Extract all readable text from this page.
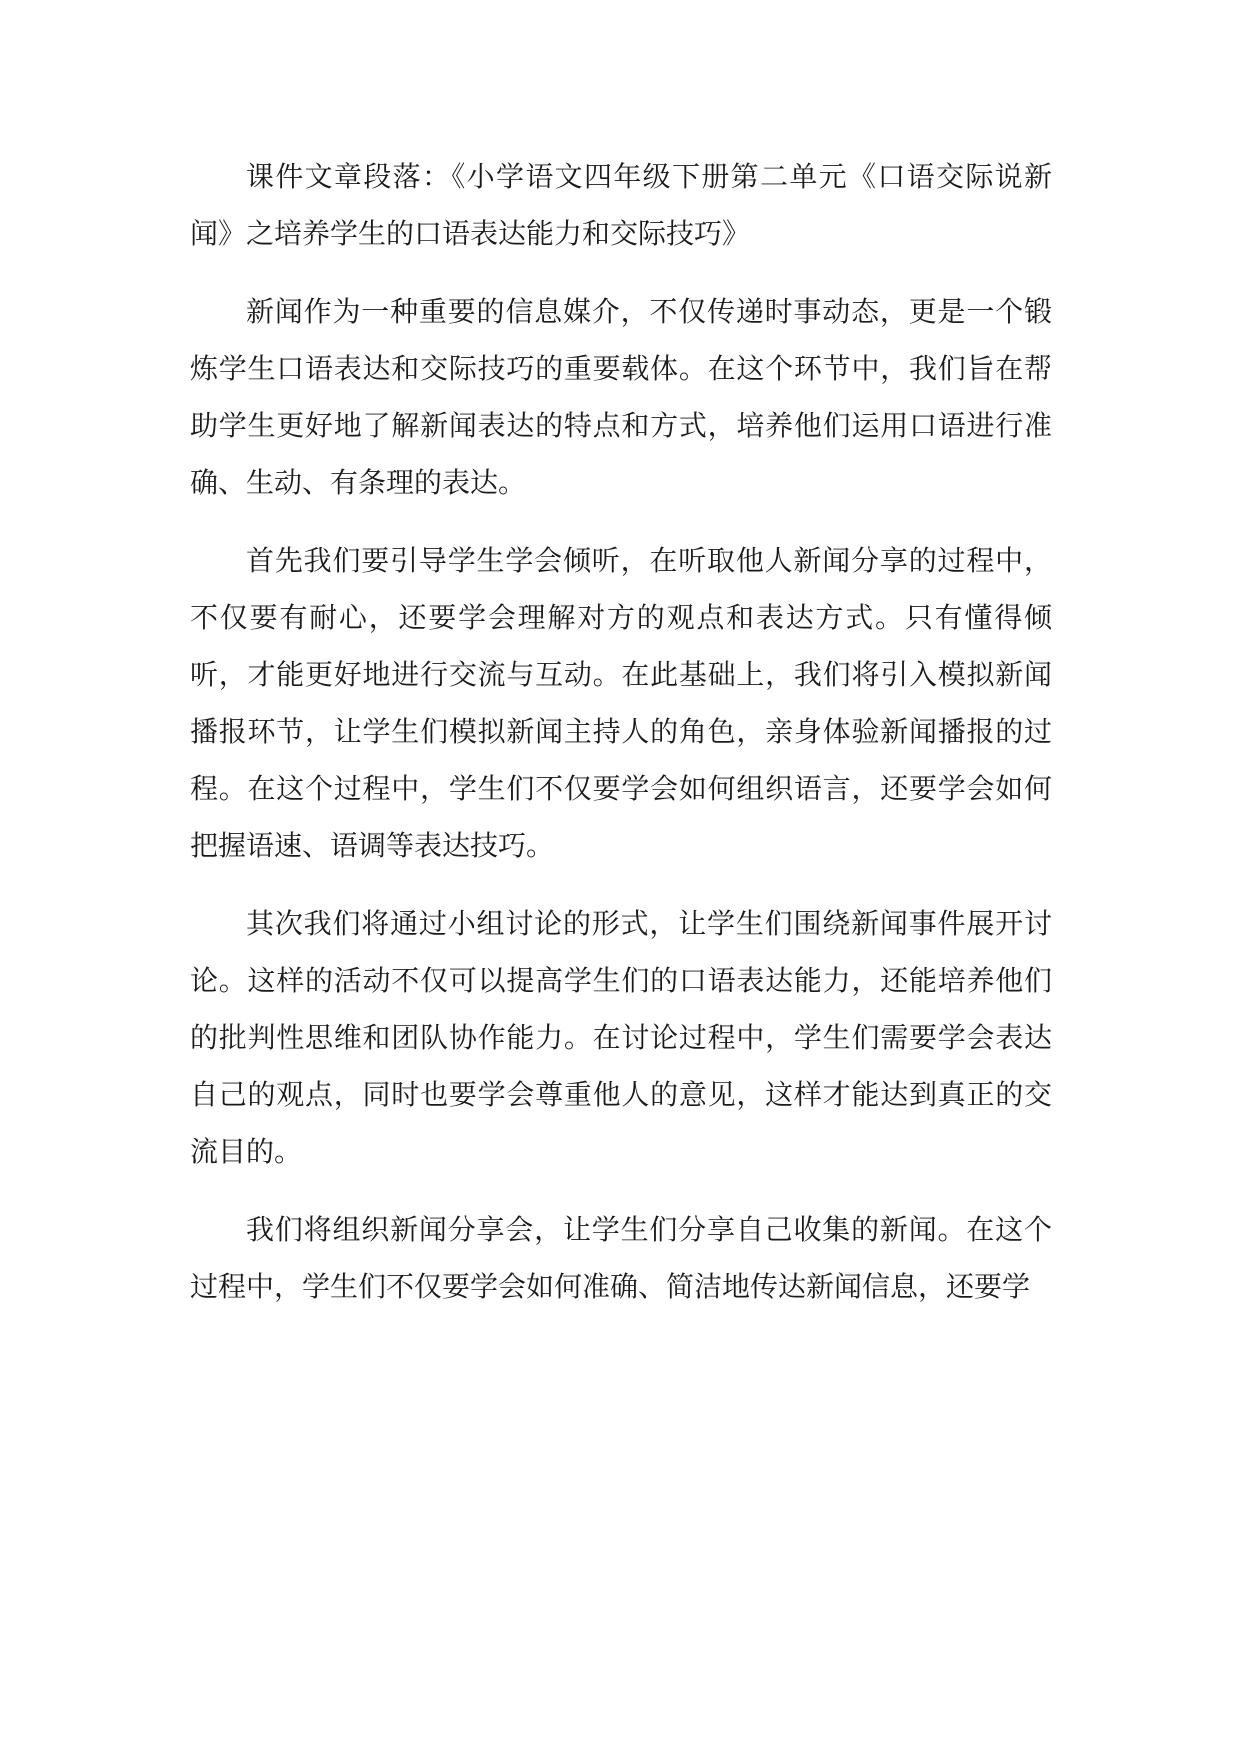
课件文章段落：《小学语文四年级下册第二单元《口语交际说新闻》之培养学生的口语表达能力和交际技巧》

新闻作为一种重要的信息媒介，不仅传递时事动态，更是一个锻炼学生口语表达和交际技巧的重要载体。在这个环节中，我们旨在帮助学生更好地了解新闻表达的特点和方式，培养他们运用口语进行准确、生动、有条理的表达。

首先我们要引导学生学会倾听，在听取他人新闻分享的过程中，不仅要有耐心，还要学会理解对方的观点和表达方式。只有懂得倾听，才能更好地进行交流与互动。在此基础上，我们将引入模拟新闻播报环节，让学生们模拟新闻主持人的角色，亲身体验新闻播报的过程。在这个过程中，学生们不仅要学会如何组织语言，还要学会如何把握语速、语调等表达技巧。

其次我们将通过小组讨论的形式，让学生们围绕新闻事件展开讨论。这样的活动不仅可以提高学生们的口语表达能力，还能培养他们的批判性思维和团队协作能力。在讨论过程中，学生们需要学会表达自己的观点，同时也要学会尊重他人的意见，这样才能达到真正的交流目的。

我们将组织新闻分享会，让学生们分享自己收集的新闻。在这个过程中，学生们不仅要学会如何准确、简洁地传达新闻信息，还要学
